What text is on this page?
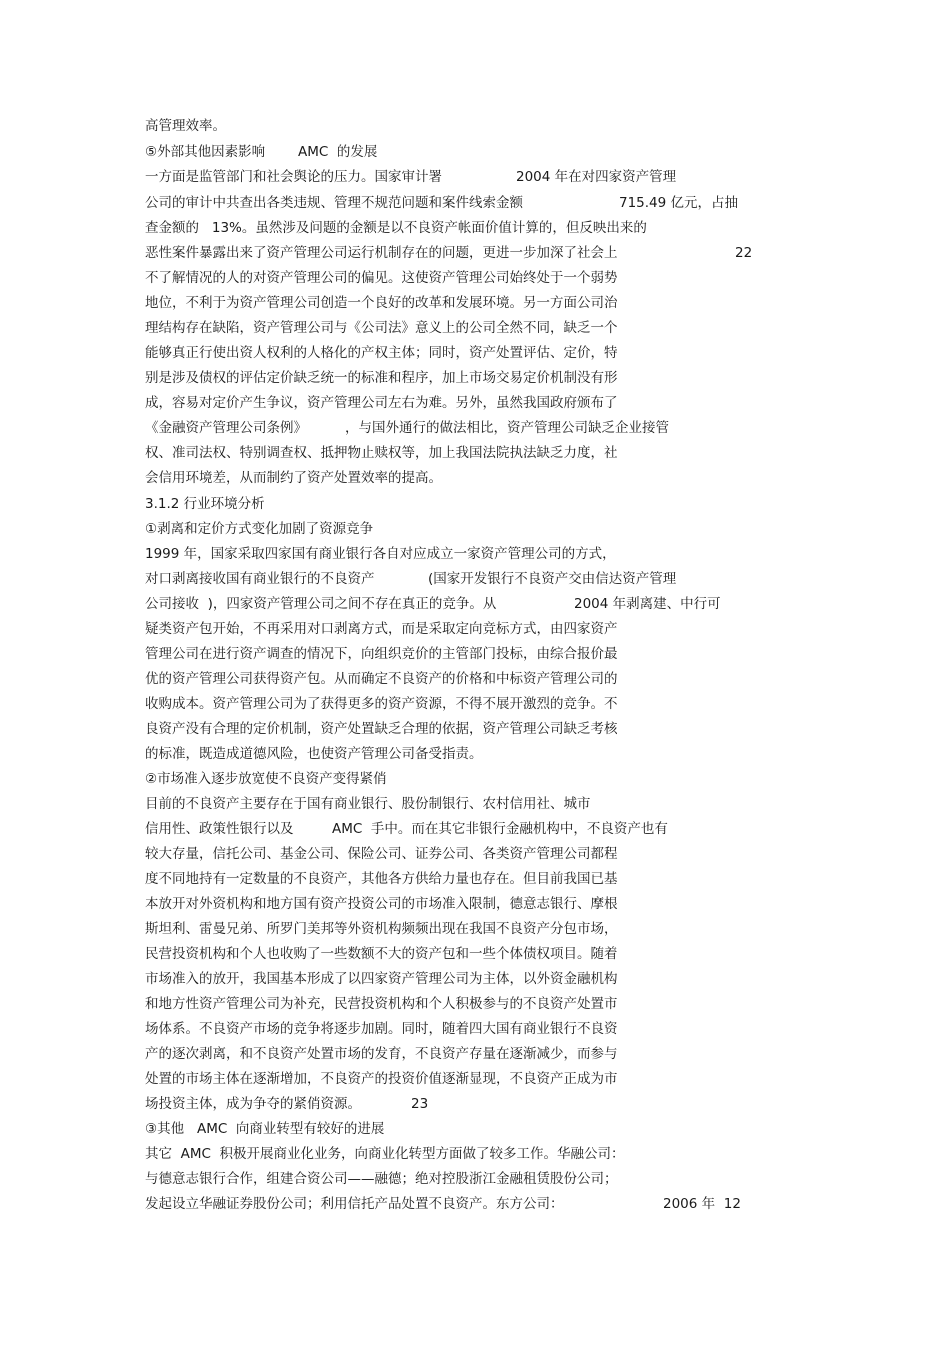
高管理效率。

⑤外部其他因素影响

AMC  的发展

一方面是监管部门和社会舆论的压力。国家审计署

	2004 年在对四家资产管理

公司的审计中共查出各类违规、管理不规范问题和案件线索金额

	715.49 亿元，占抽

查金额的   13%。虽然涉及问题的金额是以不良资产帐面价值计算的，但反映出来的

恶性案件暴露出来了资产管理公司运行机制存在的问题，更进一步加深了社会上

	22

不了解情况的人的对资产管理公司的偏见。这使资产管理公司始终处于一个弱势

地位，不利于为资产管理公司创造一个良好的改革和发展环境。另一方面公司治

理结构存在缺陷，资产管理公司与《公司法》意义上的公司全然不同，缺乏一个

能够真正行使出资人权利的人格化的产权主体；同时，资产处置评估、定价，特

别是涉及债权的评估定价缺乏统一的标准和程序，加上市场交易定价机制没有形

成，容易对定价产生争议，资产管理公司左右为难。另外，虽然我国政府颁布了

《金融资产管理公司条例》

	，与国外通行的做法相比，资产管理公司缺乏企业接管

权、准司法权、特别调查权、抵押物止赎权等，加上我国法院执法缺乏力度，社

会信用环境差，从而制约了资产处置效率的提高。

3.1.2 行业环境分析

①剥离和定价方式变化加剧了资源竞争

1999 年，国家采取四家国有商业银行各自对应成立一家资产管理公司的方式，

对口剥离接收国有商业银行的不良资产

	(国家开发银行不良资产交由信达资产管理

公司接收  )，四家资产管理公司之间不存在真正的竞争。从

	2004 年剥离建、中行可

疑类资产包开始，不再采用对口剥离方式，而是采取定向竞标方式，由四家资产

管理公司在进行资产调查的情况下，向组织竞价的主管部门投标，由综合报价最

优的资产管理公司获得资产包。从而确定不良资产的价格和中标资产管理公司的

收购成本。资产管理公司为了获得更多的资产资源，不得不展开激烈的竞争。不

良资产没有合理的定价机制，资产处置缺乏合理的依据，资产管理公司缺乏考核

的标准，既造成道德风险，也使资产管理公司备受指责。

②市场准入逐步放宽使不良资产变得紧俏

目前的不良资产主要存在于国有商业银行、股份制银行、农村信用社、城市

信用性、政策性银行以及

	AMC  手中。而在其它非银行金融机构中，不良资产也有

较大存量，信托公司、基金公司、保险公司、证券公司、各类资产管理公司都程

度不同地持有一定数量的不良资产，其他各方供给力量也存在。但目前我国已基

本放开对外资机构和地方国有资产投资公司的市场准入限制，德意志银行、摩根

斯坦利、雷曼兄弟、所罗门美邦等外资机构频频出现在我国不良资产分包市场，

民营投资机构和个人也收购了一些数额不大的资产包和一些个体债权项目。随着

市场准入的放开，我国基本形成了以四家资产管理公司为主体，以外资金融机构

和地方性资产管理公司为补充，民营投资机构和个人积极参与的不良资产处置市

场体系。不良资产市场的竞争将逐步加剧。同时，随着四大国有商业银行不良资

产的逐次剥离，和不良资产处置市场的发育，不良资产存量在逐渐减少，而参与

处置的市场主体在逐渐增加，不良资产的投资价值逐渐显现，不良资产正成为市

场投资主体，成为争夺的紧俏资源。

	23

③其他   AMC  向商业转型有较好的进展

其它  AMC  积极开展商业化业务，向商业化转型方面做了较多工作。华融公司：

与德意志银行合作，组建合资公司——融德；绝对控股浙江金融租赁股份公司；

发起设立华融证券股份公司；利用信托产品处置不良资产。东方公司：

	2006 年  12
